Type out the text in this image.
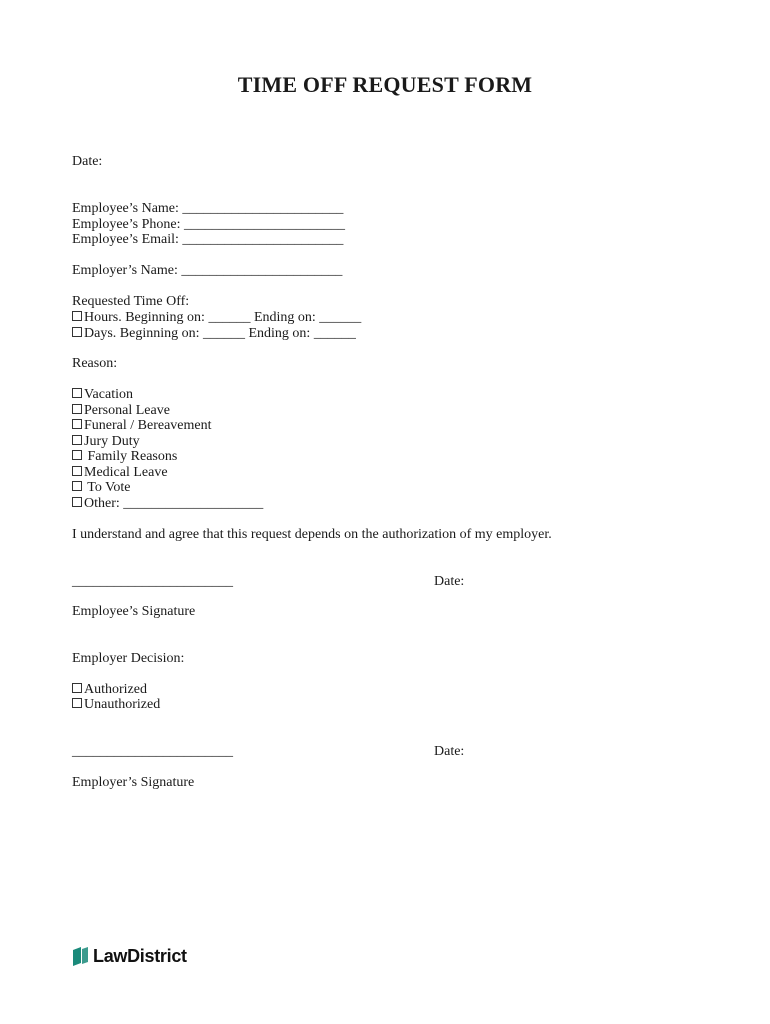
TIME OFF REQUEST FORM
Date:
Employee’s Name: _______________________
Employee’s Phone: _______________________
Employee’s Email: _______________________
Employer’s Name: _______________________
Requested Time Off:
Hours. Beginning on: ______ Ending on: ______
Days. Beginning on: ______ Ending on: ______
Reason:
Vacation
Personal Leave
Funeral / Bereavement
Jury Duty
Family Reasons
Medical Leave
To Vote
Other: ____________________
I understand and agree that this request depends on the authorization of my employer.
_______________________	Date:
Employee’s Signature
Employer Decision:
Authorized
Unauthorized
_______________________	Date:
Employer’s Signature
LawDistrict
